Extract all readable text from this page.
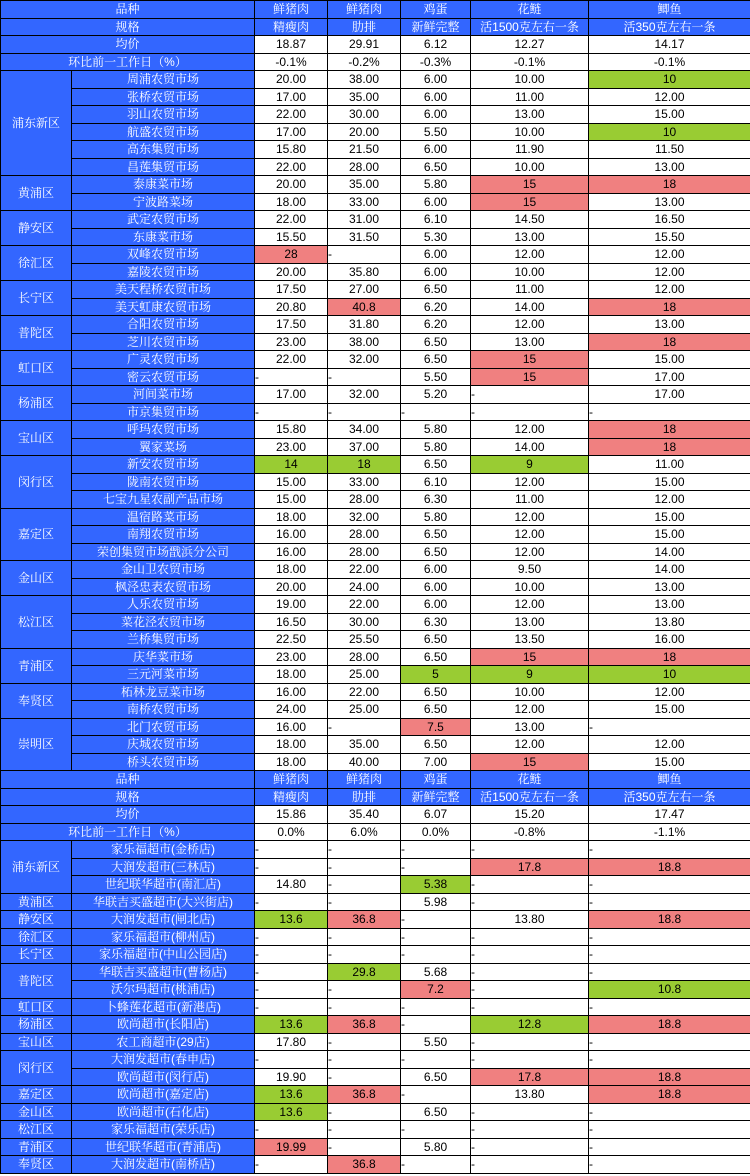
品种		鲜猪肉	鲜猪肉	鸡蛋	花鲢	鲫鱼
规格		精瘦肉	肋排	新鲜完整	活1500克左右一条	活350克左右一条
均价		18.87	29.91	6.12	12.27	14.17
环比前一工作日（%）		-0.1%	-0.2%	-0.3%	-0.1%	-0.1%
浦东新区	周浦农贸市场	20.00	38.00	6.00	10.00	10
	张桥农贸市场	17.00	35.00	6.00	11.00	12.00
	羽山农贸市场	22.00	30.00	6.00	13.00	15.00
	航盛农贸市场	17.00	20.00	5.50	10.00	10
	高东集贸市场	15.80	21.50	6.00	11.90	11.50
	昌莲集贸市场	22.00	28.00	6.50	10.00	13.00
黄浦区	泰康菜市场	20.00	35.00	5.80	15	18
	宁波路菜场	18.00	33.00	6.00	15	13.00
静安区	武定农贸市场	22.00	31.00	6.10	14.50	16.50
	东康菜市场	15.50	31.50	5.30	13.00	15.50
徐汇区	双峰农贸市场	28	-	6.00	12.00	12.00
	嘉陵农贸市场	20.00	35.80	6.00	10.00	12.00
长宁区	美天程桥农贸市场	17.50	27.00	6.50	11.00	12.00
	美天虹康农贸市场	20.80	40.8	6.20	14.00	18
普陀区	合阳农贸市场	17.50	31.80	6.20	12.00	13.00
	芝川农贸市场	23.00	38.00	6.50	13.00	18
虹口区	广灵农贸市场	22.00	32.00	6.50	15	15.00
	密云农贸市场	-	-	5.50	15	17.00
杨浦区	河间菜市场	17.00	32.00	5.20	-	17.00
	市京集贸市场	-	-	-	-	-
宝山区	呼玛农贸市场	15.80	34.00	5.80	12.00	18
	翼家菜场	23.00	37.00	5.80	14.00	18
闵行区	新安农贸市场	14	18	6.50	9	11.00
	陇南农贸市场	15.00	33.00	6.10	12.00	15.00
	七宝九星农副产品市场	15.00	28.00	6.30	11.00	12.00
嘉定区	温宿路菜市场	18.00	32.00	5.80	12.00	15.00
	南翔农贸市场	16.00	28.00	6.50	12.00	15.00
	荣创集贸市场戬浜分公司	16.00	28.00	6.50	12.00	14.00
金山区	金山卫农贸市场	18.00	22.00	6.00	9.50	14.00
	枫泾忠表农贸市场	20.00	24.00	6.00	10.00	13.00
松江区	人乐农贸市场	19.00	22.00	6.00	12.00	13.00
	菜花泾农贸市场	16.50	30.00	6.30	13.00	13.80
	兰桥集贸市场	22.50	25.50	6.50	13.50	16.00
青浦区	庆华菜市场	23.00	28.00	6.50	15	18
	三元河菜市场	18.00	25.00	5	9	10
奉贤区	柘林龙豆菜市场	16.00	22.00	6.50	10.00	12.00
	南桥农贸市场	24.00	25.00	6.50	12.00	15.00
崇明区	北门农贸市场	16.00	-	7.5	13.00	-
	庆城农贸市场	18.00	35.00	6.50	12.00	12.00
	桥头农贸市场	18.00	40.00	7.00	15	15.00
品种		鲜猪肉	鲜猪肉	鸡蛋	花鲢	鲫鱼
规格		精瘦肉	肋排	新鲜完整	活1500克左右一条	活350克左右一条
均价		15.86	35.40	6.07	15.20	17.47
环比前一工作日（%）		0.0%	6.0%	0.0%	-0.8%	-1.1%
浦东新区	家乐福超市(金桥店)	-	-	-	-	-
	大润发超市(三林店)	-	-	-	17.8	18.8
	世纪联华超市(南汇店)	14.80	-	5.38	-	-
黄浦区	华联吉买盛超市(大兴街店)	-	-	5.98	-	-
静安区	大润发超市(闸北店)	13.6	36.8	-	13.80	18.8
徐汇区	家乐福超市(柳州店)	-	-	-	-	-
长宁区	家乐福超市(中山公园店)	-	-	-	-	-
普陀区	华联吉买盛超市(曹杨店)	-	29.8	5.68	-	-
	沃尔玛超市(桃浦店)	-	-	7.2	-	10.8
虹口区	卜蜂莲花超市(新港店)	-	-	-	-	-
杨浦区	欧尚超市(长阳店)	13.6	36.8	-	12.8	18.8
宝山区	农工商超市(29店)	17.80	-	5.50	-	-
闵行区	大润发超市(春申店)	-	-	-	-	-
	欧尚超市(闵行店)	19.90	-	6.50	17.8	18.8
嘉定区	欧尚超市(嘉定店)	13.6	36.8	-	13.80	18.8
金山区	欧尚超市(石化店)	13.6	-	6.50	-	-
松江区	家乐福超市(荣乐店)	-	-	-	-	-
青浦区	世纪联华超市(青浦店)	19.99	-	5.80	-	-
奉贤区	大润发超市(南桥店)	-	36.8	-	-	-
